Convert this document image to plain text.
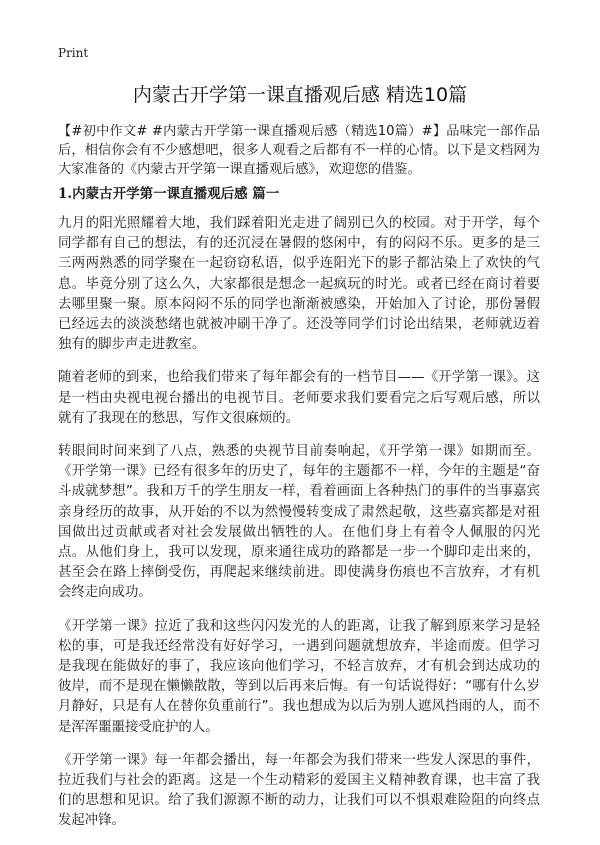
Print
内蒙古开学第一课直播观后感 精选10篇

【#初中作文# #内蒙古开学第一课直播观后感（精选10篇）#】品味完一部作品后，相信你会有不少感想吧，很多人观看之后都有不一样的心情。以下是文档网为大家准备的《内蒙古开学第一课直播观后感》，欢迎您的借鉴。

1.内蒙古开学第一课直播观后感 篇一

九月的阳光照耀着大地，我们踩着阳光走进了阔别已久的校园。对于开学，每个同学都有自己的想法，有的还沉浸在暑假的悠闲中，有的闷闷不乐。更多的是三三两两熟悉的同学聚在一起窃窃私语，似乎连阳光下的影子都沾染上了欢快的气息。毕竟分别了这么久，大家都很是想念一起疯玩的时光。或者已经在商讨着要去哪里聚一聚。原本闷闷不乐的同学也渐渐被感染，开始加入了讨论，那份暑假已经远去的淡淡愁绪也就被冲刷干净了。还没等同学们讨论出结果，老师就迈着独有的脚步声走进教室。

随着老师的到来，也给我们带来了每年都会有的一档节目——《开学第一课》。这是一档由央视电视台播出的电视节目。老师要求我们要看完之后写观后感，所以就有了我现在的愁思，写作文很麻烦的。

转眼间时间来到了八点，熟悉的央视节目前奏响起，《开学第一课》如期而至。《开学第一课》已经有很多年的历史了，每年的主题都不一样，今年的主题是“奋斗成就梦想”。我和万千的学生朋友一样，看着画面上各种热门的事件的当事嘉宾亲身经历的故事，从开始的不以为然慢慢转变成了肃然起敬，这些嘉宾都是对祖国做出过贡献或者对社会发展做出牺牲的人。在他们身上有着令人佩服的闪光点。从他们身上，我可以发现，原来通往成功的路都是一步一个脚印走出来的，甚至会在路上摔倒受伤，再爬起来继续前进。即使满身伤痕也不言放弃，才有机会终走向成功。

《开学第一课》拉近了我和这些闪闪发光的人的距离，让我了解到原来学习是轻松的事，可是我还经常没有好好学习，一遇到问题就想放弃，半途而废。但学习是我现在能做好的事了，我应该向他们学习，不轻言放弃，才有机会到达成功的彼岸，而不是现在懒懒散散，等到以后再来后悔。有一句话说得好：“哪有什么岁月静好，只是有人在替你负重前行”。我也想成为以后为别人遮风挡雨的人，而不是浑浑噩噩接受庇护的人。

《开学第一课》每一年都会播出，每一年都会为我们带来一些发人深思的事件，拉近我们与社会的距离。这是一个生动精彩的爱国主义精神教育课，也丰富了我们的思想和见识。给了我们源源不断的动力，让我们可以不惧艰难险阻的向终点发起冲锋。
